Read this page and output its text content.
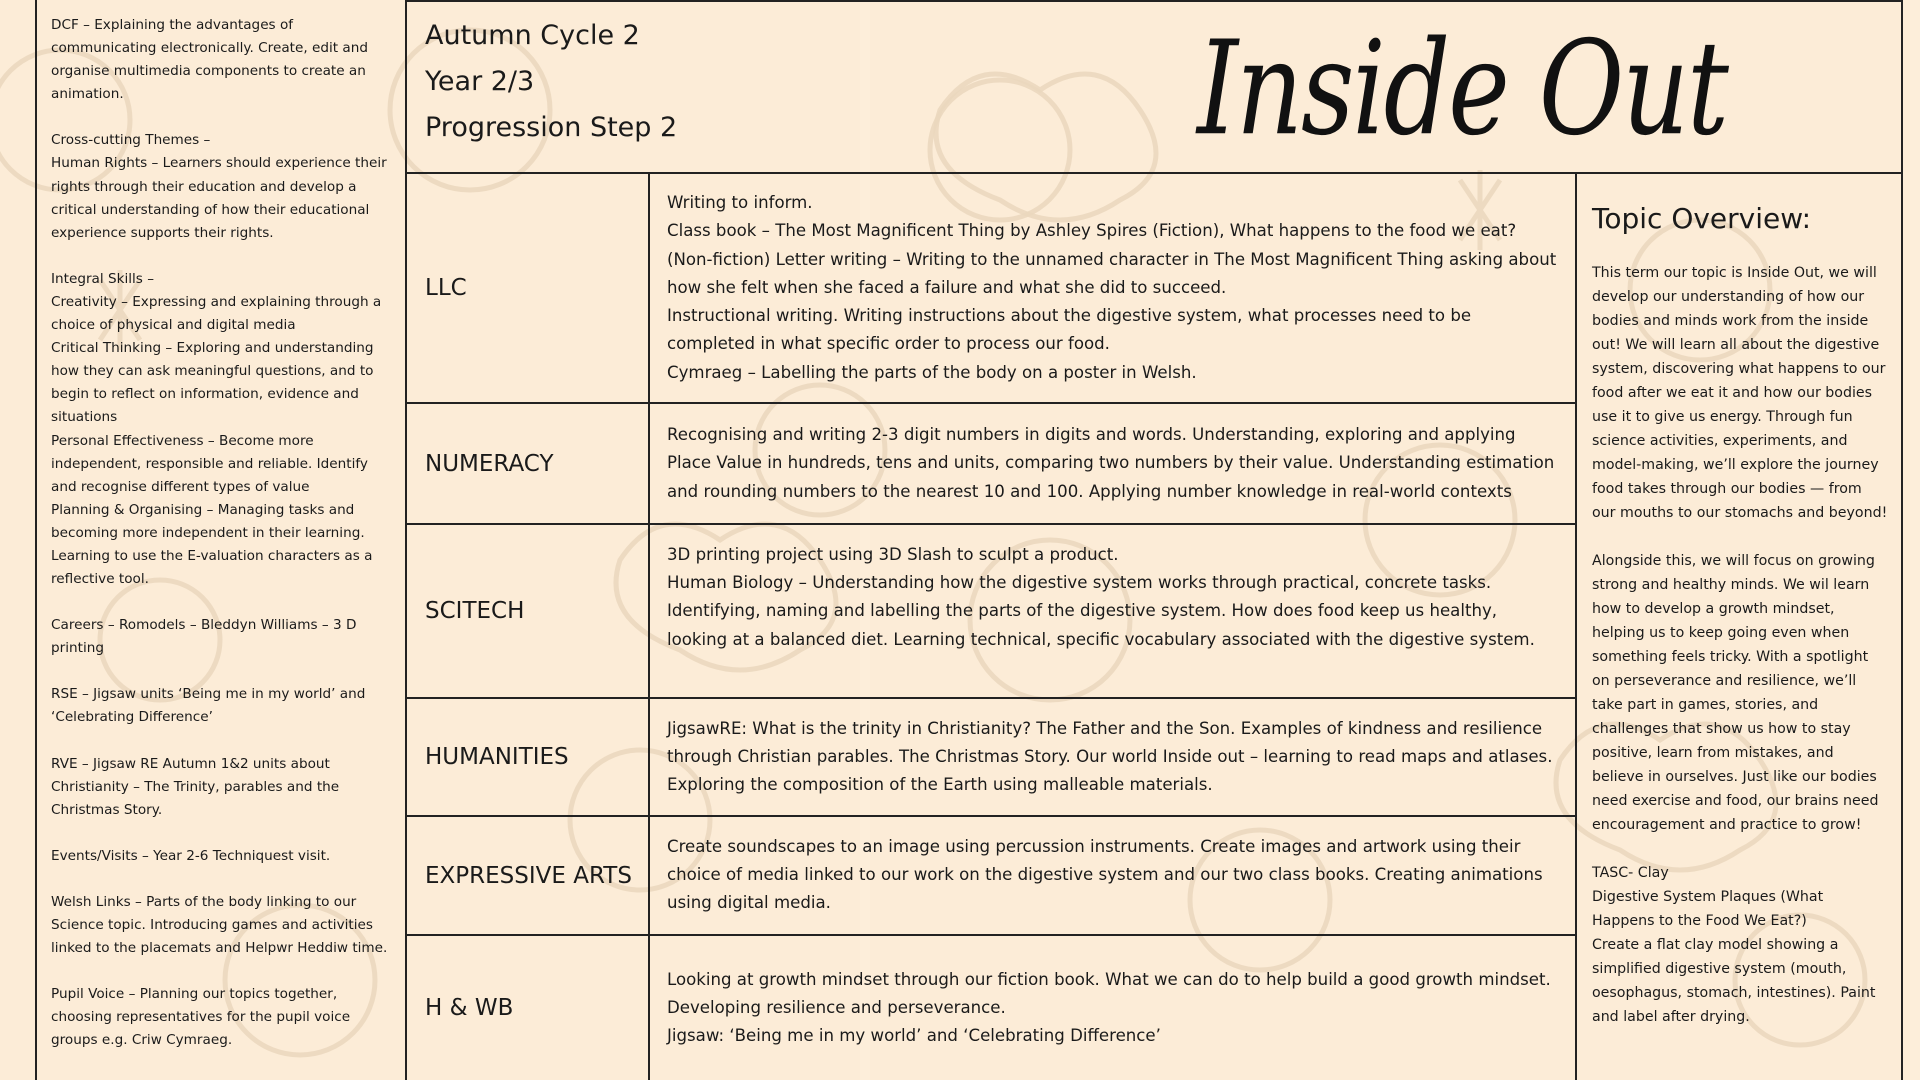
DCF – Explaining the advantages of communicating electronically. Create, edit and organise multimedia components to create an animation.
Cross-cutting Themes –
Human Rights – Learners should experience their rights through their education and develop a critical understanding of how their educational experience supports their rights.
Integral Skills –
Creativity – Expressing and explaining through a choice of physical and digital media
Critical Thinking – Exploring and understanding how they can ask meaningful questions, and to begin to reflect on information, evidence and situations
Personal Effectiveness – Become more independent, responsible and reliable. Identify and recognise different types of value
Planning & Organising – Managing tasks and becoming more independent in their learning. Learning to use the E-valuation characters as a reflective tool.
Careers – Romodels – Bleddyn Williams – 3 D printing
RSE – Jigsaw units ‘Being me in my world’ and ‘Celebrating Difference’
RVE – Jigsaw RE Autumn 1&2 units about Christianity – The Trinity, parables and the Christmas Story.
Events/Visits – Year 2-6 Techniquest visit.
Welsh Links – Parts of the body linking to our Science topic. Introducing games and activities linked to the placemats and Helpwr Heddiw time.
Pupil Voice – Planning our topics together, choosing representatives for the pupil voice groups e.g. Criw Cymraeg.
Autumn Cycle 2
Year 2/3
Progression Step 2	Inside Out
LLC
Writing to inform.
Class book – The Most Magnificent Thing by Ashley Spires (Fiction), What happens to the food we eat? (Non-fiction) Letter writing – Writing to the unnamed character in The Most Magnificent Thing asking about how she felt when she faced a failure and what she did to succeed.
Instructional writing. Writing instructions about the digestive system, what processes need to be completed in what specific order to process our food.
Cymraeg – Labelling the parts of the body on a poster in Welsh.
NUMERACY
Recognising and writing 2-3 digit numbers in digits and words. Understanding, exploring and applying Place Value in hundreds, tens and units, comparing two numbers by their value. Understanding estimation and rounding numbers to the nearest 10 and 100. Applying number knowledge in real-world contexts
SCITECH
3D printing project using 3D Slash to sculpt a product.
Human Biology – Understanding how the digestive system works through practical, concrete tasks. Identifying, naming and labelling the parts of the digestive system. How does food keep us healthy, looking at a balanced diet. Learning technical, specific vocabulary associated with the digestive system.
HUMANITIES
JigsawRE: What is the trinity in Christianity? The Father and the Son. Examples of kindness and resilience through Christian parables. The Christmas Story. Our world Inside out – learning to read maps and atlases. Exploring the composition of the Earth using malleable materials.
EXPRESSIVE ARTS
Create soundscapes to an image using percussion instruments. Create images and artwork using their choice of media linked to our work on the digestive system and our two class books. Creating animations using digital media.
H & WB
Looking at growth mindset through our fiction book. What we can do to help build a good growth mindset.
Developing resilience and perseverance.
Jigsaw: ‘Being me in my world’ and ‘Celebrating Difference’
Topic Overview:

This term our topic is Inside Out, we will develop our understanding of how our bodies and minds work from the inside out! We will learn all about the digestive system, discovering what happens to our food after we eat it and how our bodies use it to give us energy. Through fun science activities, experiments, and model-making, we’ll explore the journey food takes through our bodies — from our mouths to our stomachs and beyond!

Alongside this, we will focus on growing strong and healthy minds. We wil learn how to develop a growth mindset, helping us to keep going even when something feels tricky. With a spotlight on perseverance and resilience, we’ll take part in games, stories, and challenges that show us how to stay positive, learn from mistakes, and believe in ourselves. Just like our bodies need exercise and food, our brains need encouragement and practice to grow!

TASC- Clay
Digestive System Plaques (What Happens to the Food We Eat?)
Create a flat clay model showing a simplified digestive system (mouth, oesophagus, stomach, intestines). Paint and label after drying.
